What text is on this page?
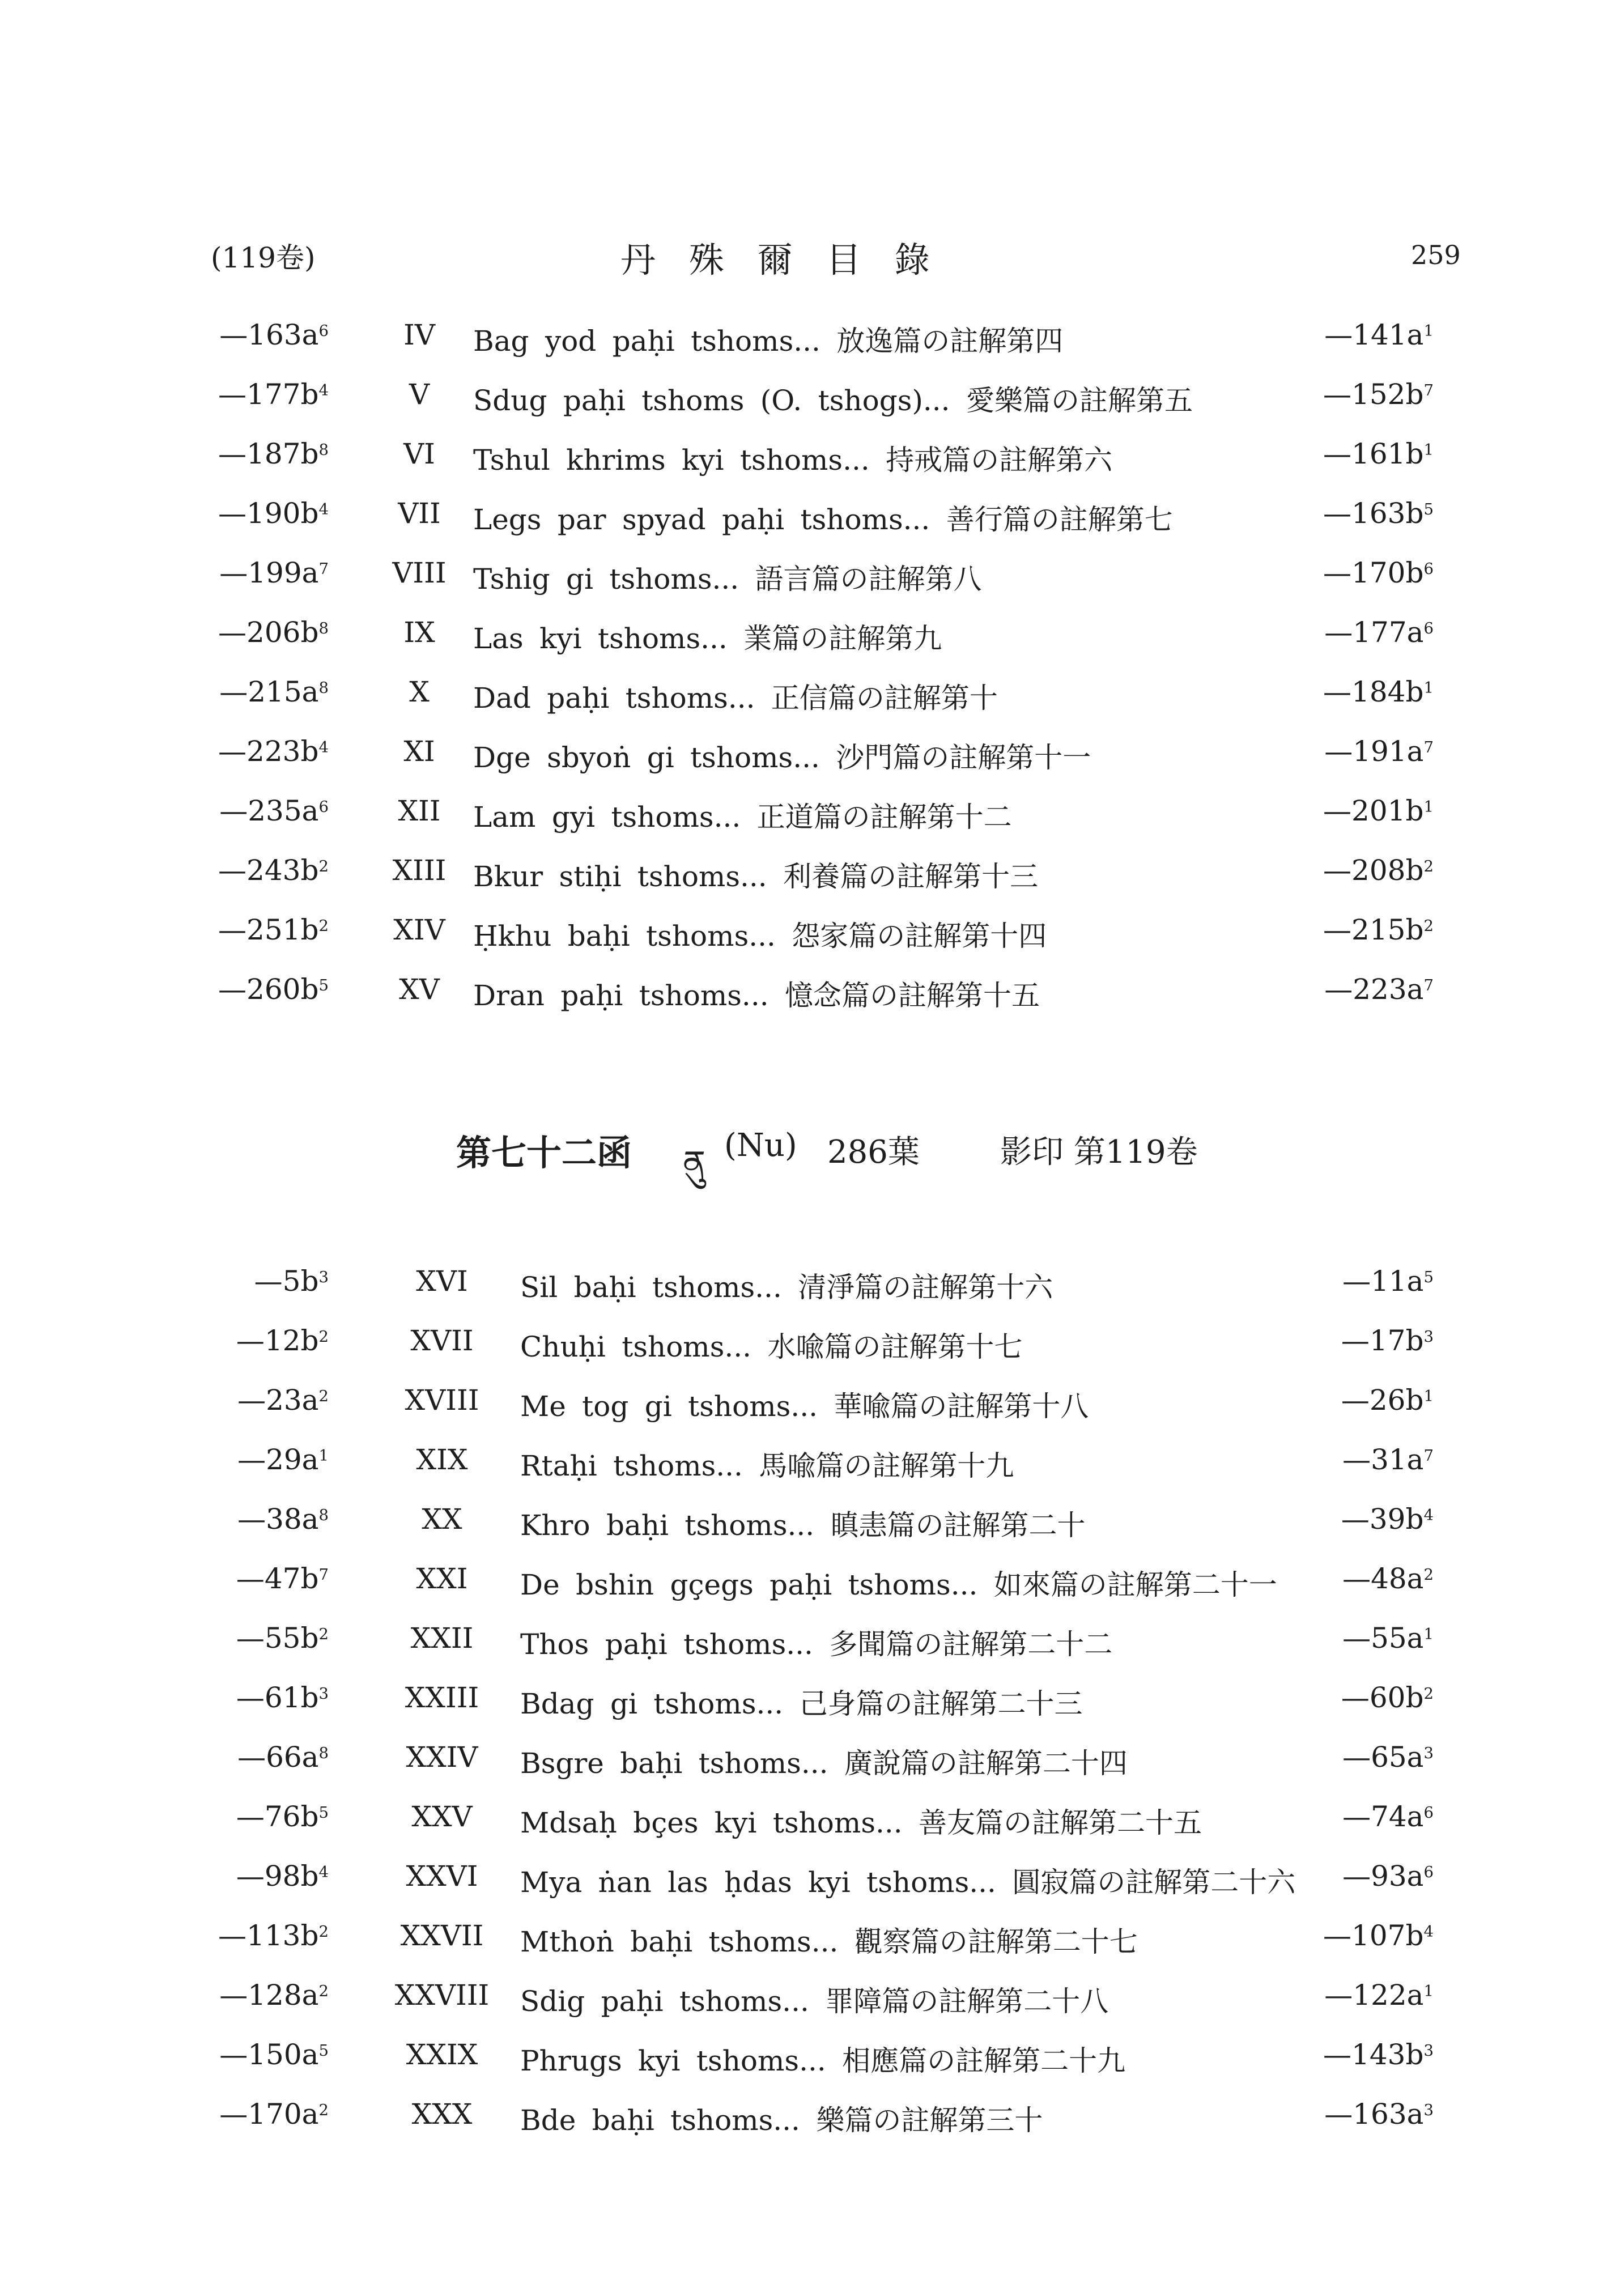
(119卷)	丹殊爾目錄	259
$—163a^6$	IV	Bag yod paḥi tshoms... 放逸篇の註解第四	$—141a^1$
$—177b^4$	V	Sdug paḥi tshoms (O. tshogs)... 愛樂篇の註解第五	$—152b^7$
$—187b^8$	VI	Tshul khrims kyi tshoms... 持戒篇の註解第六	$—161b^1$
$—190b^4$	VII	Legs par spyad paḥi tshoms... 善行篇の註解第七	$—163b^5$
$—199a^7$	VIII Tshig gi tshoms... 語言篇の註解第八	$—170b^6$
$—206b^8$	IX	Las kyi tshoms... 業篇の註解第九	$—177a^6$
$—215a^8$	X	Dad paḥi tshoms... 正信篇の註解第十	$—184b^1$
$—223b^4$	XI	Dge sbyoṅ gi tshoms... 沙門篇の註解第十一	$—191a^7$
$—235a^6$	XII	Lam gyi tshoms... 正道篇の註解第十二	$—201b^1$
$—243b^2$	XIII Bkur stiḥi tshoms... 利養篇の註解第十三	$—208b^2$
$—251b^2$	XIV Ḥkhu baḥi tshoms... 怨家篇の註解第十四	$—215b^2$
$—260b^5$	XV	Dran paḥi tshoms... 憶念篇の註解第十五	$—223a^7$
第七十二函 ནུ (Nu) 286葉	影印 第119卷
$—5b^3$	XVI	Sil baḥi tshoms... 清淨篇の註解第十六	$—11a^5$
$—12b^2$	XVII	Chuḥi tshoms... 水喩篇の註解第十七	$—17b^3$
$—23a^2$	XVIII	Me tog gi tshoms... 華喩篇の註解第十八	$—26b^1$
$—29a^1$	XIX	Rtaḥi tshoms... 馬喩篇の註解第十九	$—31a^7$
$—38a^8$	XX	Khro baḥi tshoms... 瞋恚篇の註解第二十	$—39b^4$
$—47b^7$	XXI	De bshin gçegs paḥi tshoms... 如來篇の註解第二十一	$—48a^2$
$—55b^2$	XXII	Thos paḥi tshoms... 多聞篇の註解第二十二	$—55a^1$
$—61b^3$	XXIII	Bdag gi tshoms... 己身篇の註解第二十三	$—60b^2$
$—66a^8$	XXIV	Bsgre baḥi tshoms... 廣說篇の註解第二十四	$—65a^3$
$—76b^5$	XXV	Mdsaḥ bçes kyi tshoms... 善友篇の註解第二十五	$—74a^6$
$—98b^4$	XXVI	Mya ṅan las ḥdas kyi tshoms... 圓寂篇の註解第二十六	$—93a^6$
$—113b^2$	XXVII	Mthoṅ baḥi tshoms... 觀察篇の註解第二十七	$—107b^4$
$—128a^2$	XXVIII	Sdig paḥi tshoms... 罪障篇の註解第二十八	$—122a^1$
$—150a^5$	XXIX	Phrugs kyi tshoms... 相應篇の註解第二十九	$—143b^3$
$—170a^2$	XXX	Bde baḥi tshoms... 樂篇の註解第三十	$—163a^3$
